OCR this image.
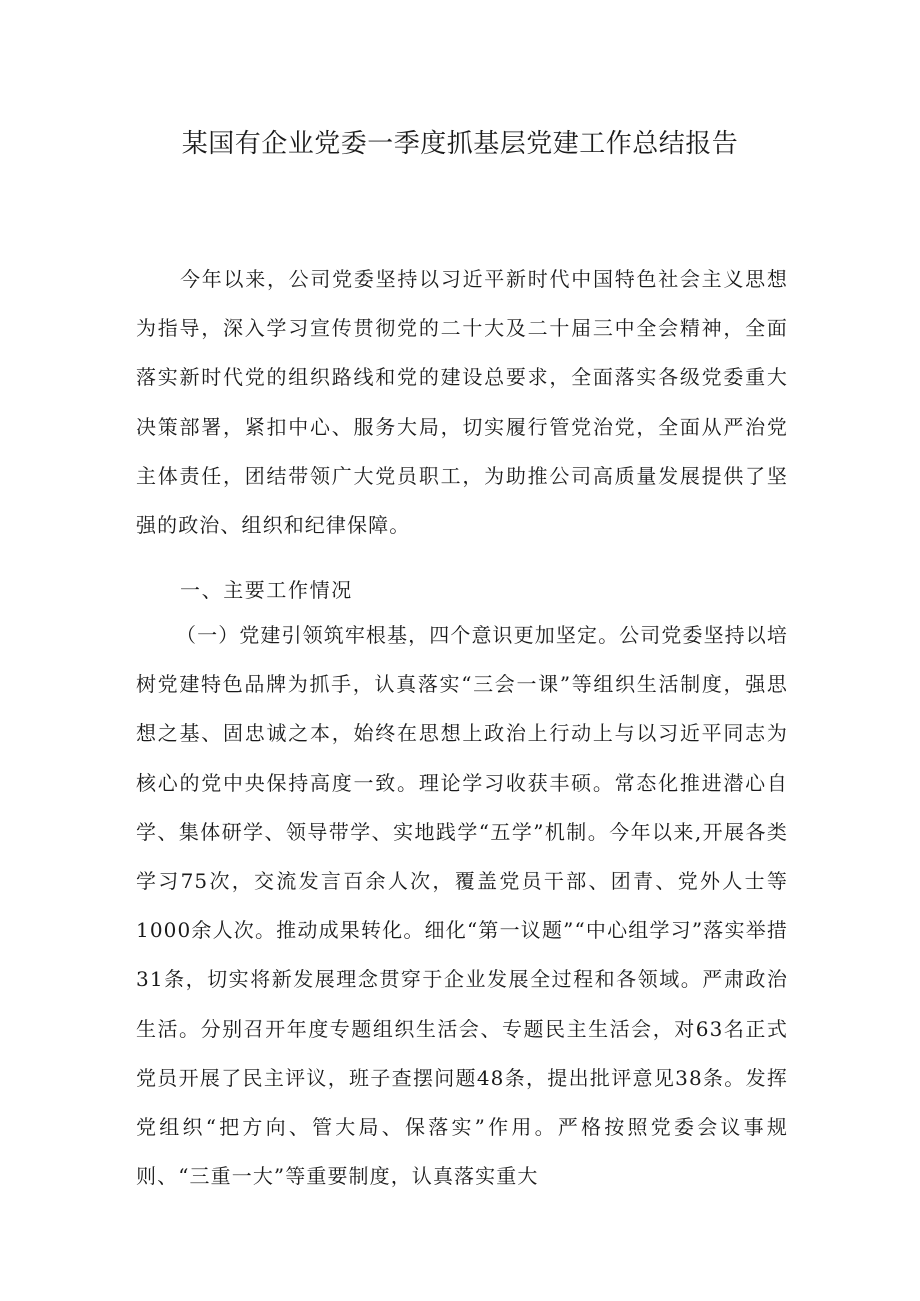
某国有企业党委一季度抓基层党建工作总结报告

今年以来，公司党委坚持以习近平新时代中国特色社会主义思想为指导，深入学习宣传贯彻党的二十大及二十届三中全会精神，全面落实新时代党的组织路线和党的建设总要求，全面落实各级党委重大决策部署，紧扣中心、服务大局，切实履行管党治党，全面从严治党主体责任，团结带领广大党员职工，为助推公司高质量发展提供了坚强的政治、组织和纪律保障。

一、主要工作情况

（一）党建引领筑牢根基，四个意识更加坚定。公司党委坚持以培树党建特色品牌为抓手，认真落实“三会一课”等组织生活制度，强思想之基、固忠诚之本，始终在思想上政治上行动上与以习近平同志为核心的党中央保持高度一致。理论学习收获丰硕。常态化推进潜心自学、集体研学、领导带学、实地践学“五学”机制。今年以来,开展各类学习75次，交流发言百余人次，覆盖党员干部、团青、党外人士等1000余人次。推动成果转化。细化“第一议题”“中心组学习”落实举措31条，切实将新发展理念贯穿于企业发展全过程和各领域。严肃政治生活。分别召开年度专题组织生活会、专题民主生活会，对63名正式党员开展了民主评议，班子查摆问题48条，提出批评意见38条。发挥党组织“把方向、管大局、保落实”作用。严格按照党委会议事规则、“三重一大”等重要制度，认真落实重大
